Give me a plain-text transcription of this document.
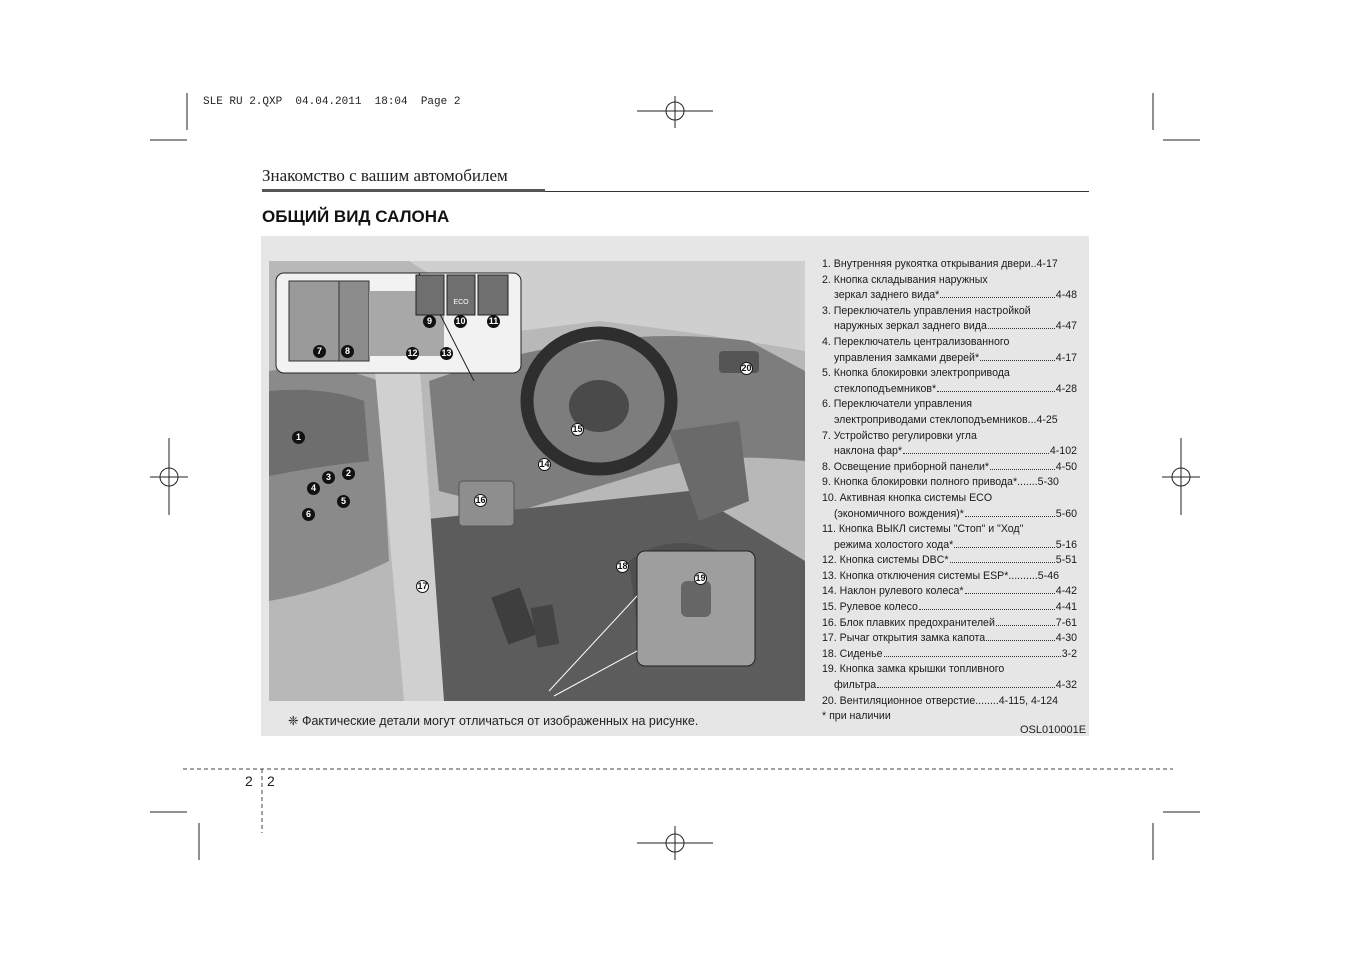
SLE RU 2.QXP  04.04.2011  18:04  Page 2
Знакомство с вашим автомобилем
ОБЩИЙ ВИД САЛОНА
ECO
1
2
3
4
5
6
7	8
9	10	11
12	13
14
15
16
17
18
19
20
1. Внутренняя рукоятка открывания двери ..4-17
2. Кнопка складывания наружных
зеркал заднего вида*	4-48
3. Переключатель управления настройкой
наружных зеркал заднего вида	4-47
4. Переключатель централизованного
управления замками дверей*	4-17
5. Кнопка блокировки электропривода
стеклоподъемников*	4-28
6. Переключатели управления
электроприводами стеклоподъемников ...4-25
7. Устройство регулировки угла
наклона фар*	4-102
8. Освещение приборной панели*	4-50
9. Кнопка блокировки полного привода* .......5-30
10. Активная кнопка системы ECO
(экономичного вождения)*	5-60
11. Кнопка ВЫКЛ системы "Стоп" и "Ход"
режима холостого хода*	5-16
12. Кнопка системы DBC*	5-51
13. Кнопка отключения системы ESP* ..........5-46
14. Наклон рулевого колеса*	4-42
15. Рулевое колесо	4-41
16. Блок плавких предохранителей	7-61
17. Рычаг открытия замка капота	4-30
18. Сиденье	3-2
19. Кнопка замка крышки топливного
фильтра	4-32
20. Вентиляционное отверстие ........4-115, 4-124
* при наличии
❈ Фактические детали могут отличаться от изображенных на рисунке.
OSL010001E
2 2
